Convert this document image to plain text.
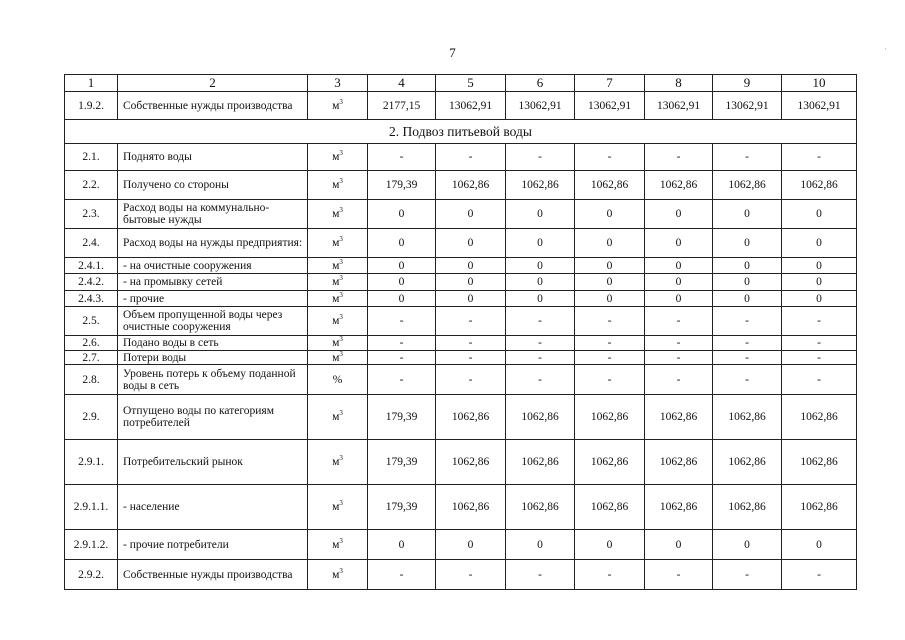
7	·
1	2	3	4	5	6	7	8	9	10
1.9.2.	Собственные нужды производства	$м^3$	2177,15	13062,91	13062,91	13062,91	13062,91	13062,91	13062,91
2. Подвоз питьевой воды									
2.1.	Поднято воды	$м^3$	-	-	-	-	-	-	-
2.2.	Получено со стороны	$м^3$	179,39	1062,86	1062,86	1062,86	1062,86	1062,86	1062,86
2.3.	Расход воды на коммунально-бытовые нужды	$м^3$	0	0	0	0	0	0	0
2.4.	Расход воды на нужды предприятия:	$м^3$	0	0	0	0	0	0	0
2.4.1.	- на очистные сооружения	$м^3$	0	0	0	0	0	0	0
2.4.2.	- на промывку сетей	$м^3$	0	0	0	0	0	0	0
2.4.3.	- прочие	$м^3$	0	0	0	0	0	0	0
2.5.	Объем пропущенной воды через очистные сооружения	$м^3$	-	-	-	-	-	-	-
2.6.	Подано воды в сеть	$м^3$	-	-	-	-	-	-	-
2.7.	Потери воды	$м^3$	-	-	-	-	-	-	-
2.8.	Уровень потерь к объему поданной воды в сеть	%	-	-	-	-	-	-	-
2.9.	Отпущено воды по категориям потребителей	$м^3$	179,39	1062,86	1062,86	1062,86	1062,86	1062,86	1062,86
2.9.1.	Потребительский рынок	$м^3$	179,39	1062,86	1062,86	1062,86	1062,86	1062,86	1062,86
2.9.1.1.	- население	$м^3$	179,39	1062,86	1062,86	1062,86	1062,86	1062,86	1062,86
2.9.1.2.	- прочие потребители	$м^3$	0	0	0	0	0	0	0
2.9.2.	Собственные нужды производства	$м^3$	-	-	-	-	-	-	-
